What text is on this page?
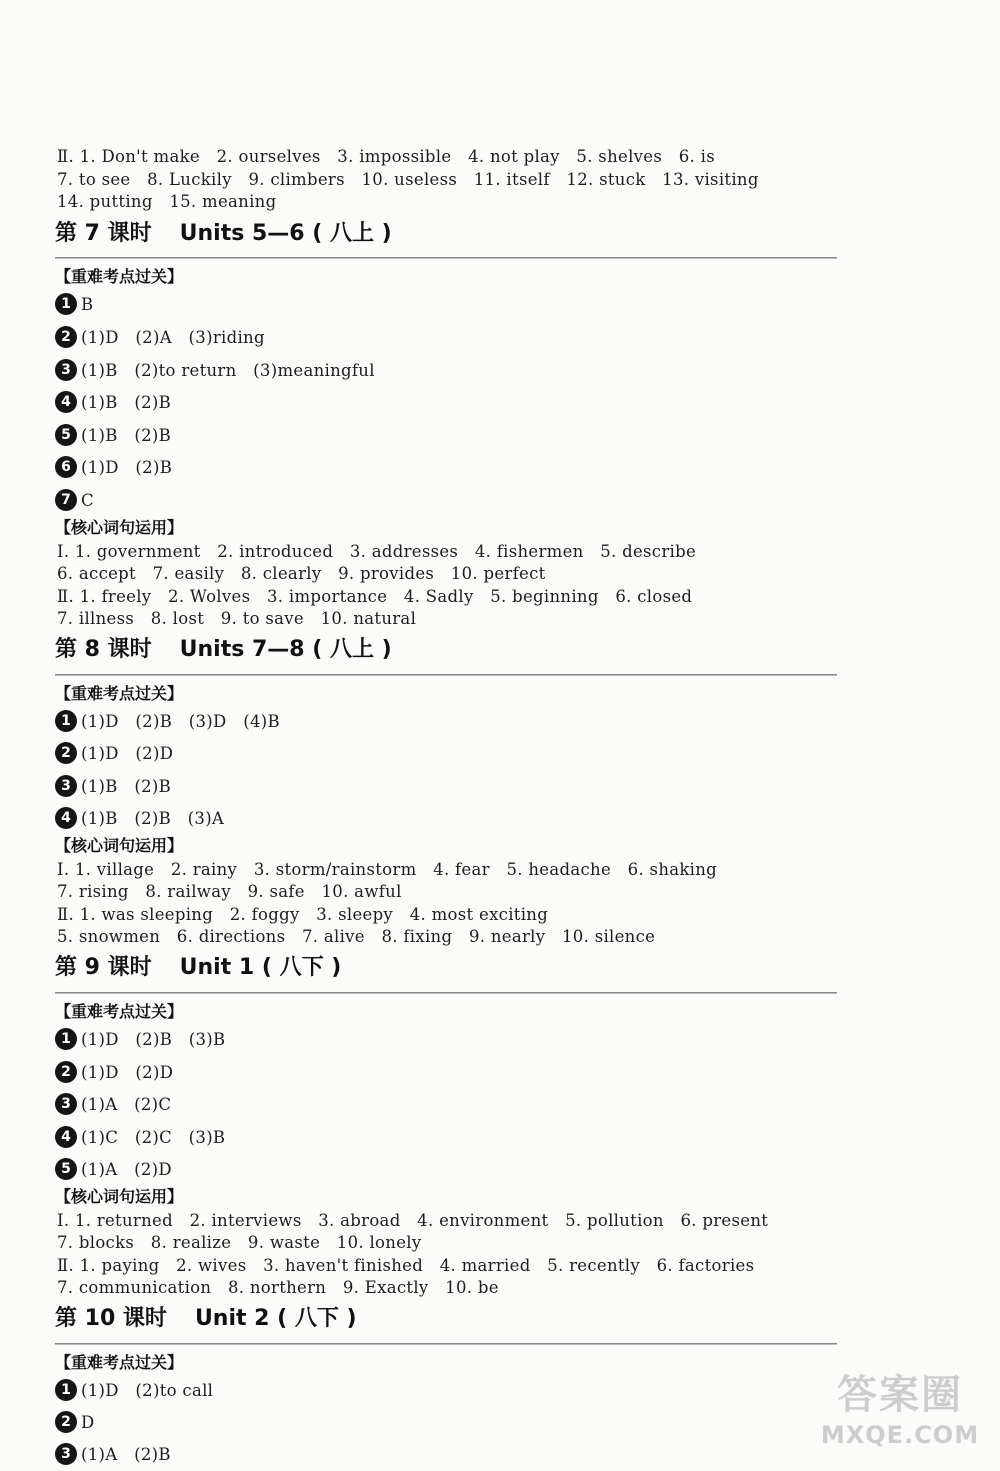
Ⅱ. 1. Don't make   2. ourselves   3. impossible   4. not play   5. shelves   6. is
7. to see   8. Luckily   9. climbers   10. useless   11. itself   12. stuck   13. visiting
14. putting   15. meaning
第 7 课时 Units 5—6 ( 八上 )
【重难考点过关】
1 B
2 (1)D   (2)A   (3)riding
3 (1)B   (2)to return   (3)meaningful
4 (1)B   (2)B
5 (1)B   (2)B
6 (1)D   (2)B
7 C
【核心词句运用】
Ⅰ. 1. government   2. introduced   3. addresses   4. fishermen   5. describe
6. accept   7. easily   8. clearly   9. provides   10. perfect
Ⅱ. 1. freely   2. Wolves   3. importance   4. Sadly   5. beginning   6. closed
7. illness   8. lost   9. to save   10. natural
第 8 课时 Units 7—8 ( 八上 )
【重难考点过关】
1 (1)D   (2)B   (3)D   (4)B
2 (1)D   (2)D
3 (1)B   (2)B
4 (1)B   (2)B   (3)A
【核心词句运用】
Ⅰ. 1. village   2. rainy   3. storm/rainstorm   4. fear   5. headache   6. shaking
7. rising   8. railway   9. safe   10. awful
Ⅱ. 1. was sleeping   2. foggy   3. sleepy   4. most exciting
5. snowmen   6. directions   7. alive   8. fixing   9. nearly   10. silence
第 9 课时 Unit 1 ( 八下 )
【重难考点过关】
1 (1)D   (2)B   (3)B
2 (1)D   (2)D
3 (1)A   (2)C
4 (1)C   (2)C   (3)B
5 (1)A   (2)D
【核心词句运用】
Ⅰ. 1. returned   2. interviews   3. abroad   4. environment   5. pollution   6. present
7. blocks   8. realize   9. waste   10. lonely
Ⅱ. 1. paying   2. wives   3. haven't finished   4. married   5. recently   6. factories
7. communication   8. northern   9. Exactly   10. be
第 10 课时 Unit 2 ( 八下 )
【重难考点过关】
1 (1)D   (2)to call
2 D
3 (1)A   (2)B
答案圈
MXQE.COM
